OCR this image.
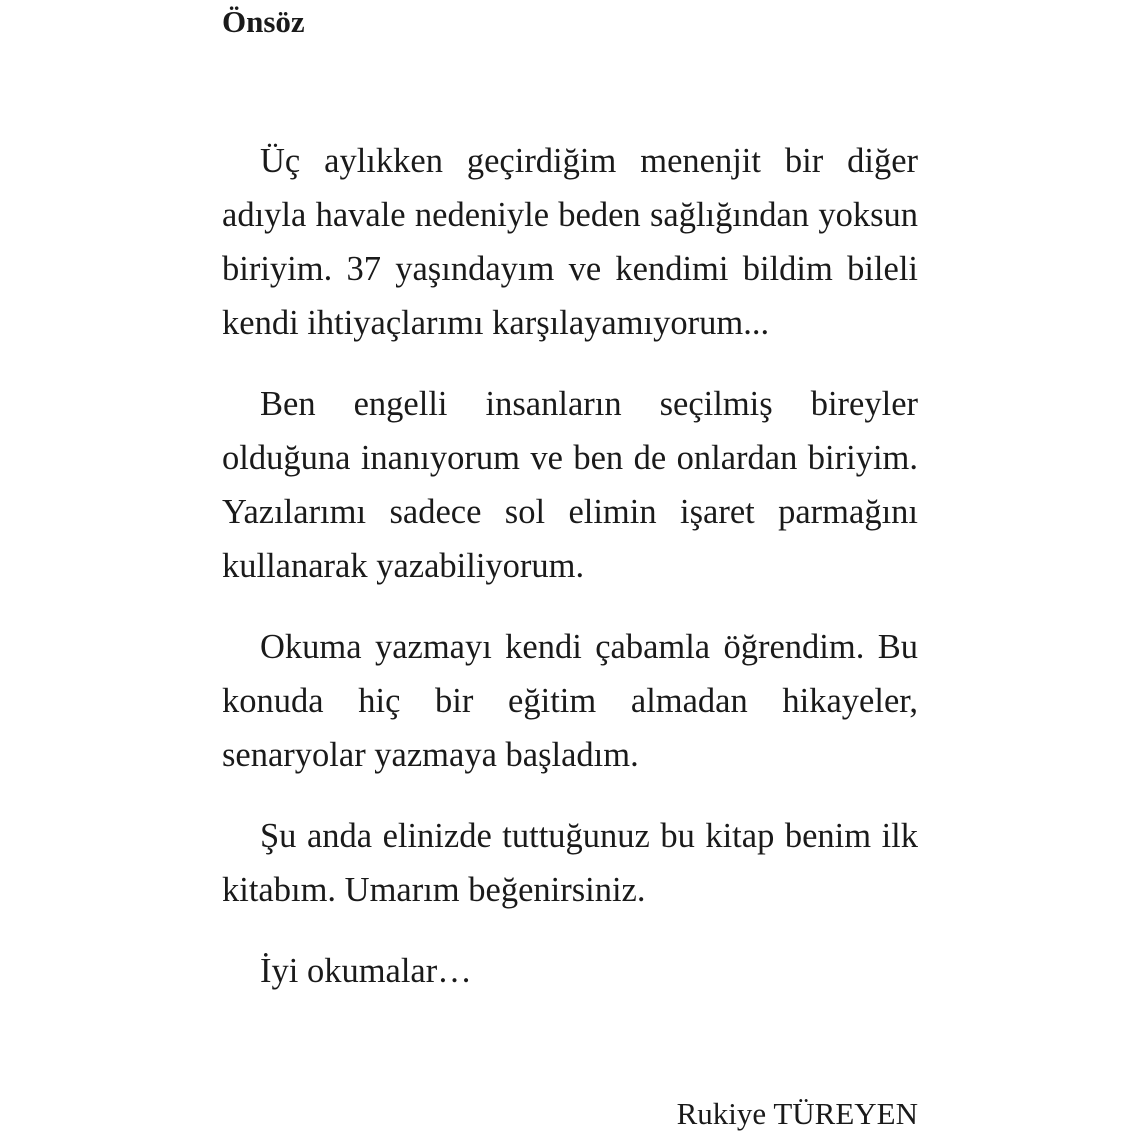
Önsöz

Üç aylıkken geçirdiğim menenjit bir diğer adıyla havale nedeniyle beden sağlığından yoksun biriyim. 37 yaşındayım ve kendimi bildim bileli kendi ihtiyaçlarımı karşılayamıyorum...

Ben engelli insanların seçilmiş bireyler olduğuna inanıyorum ve ben de onlardan biriyim. Yazılarımı sadece sol elimin işaret parmağını kullanarak yazabiliyorum.

Okuma yazmayı kendi çabamla öğrendim. Bu konuda hiç bir eğitim almadan hikayeler, senaryolar yazmaya başladım.

Şu anda elinizde tuttuğunuz bu kitap benim ilk kitabım. Umarım beğenirsiniz.

İyi okumalar…

Rukiye TÜREYEN
